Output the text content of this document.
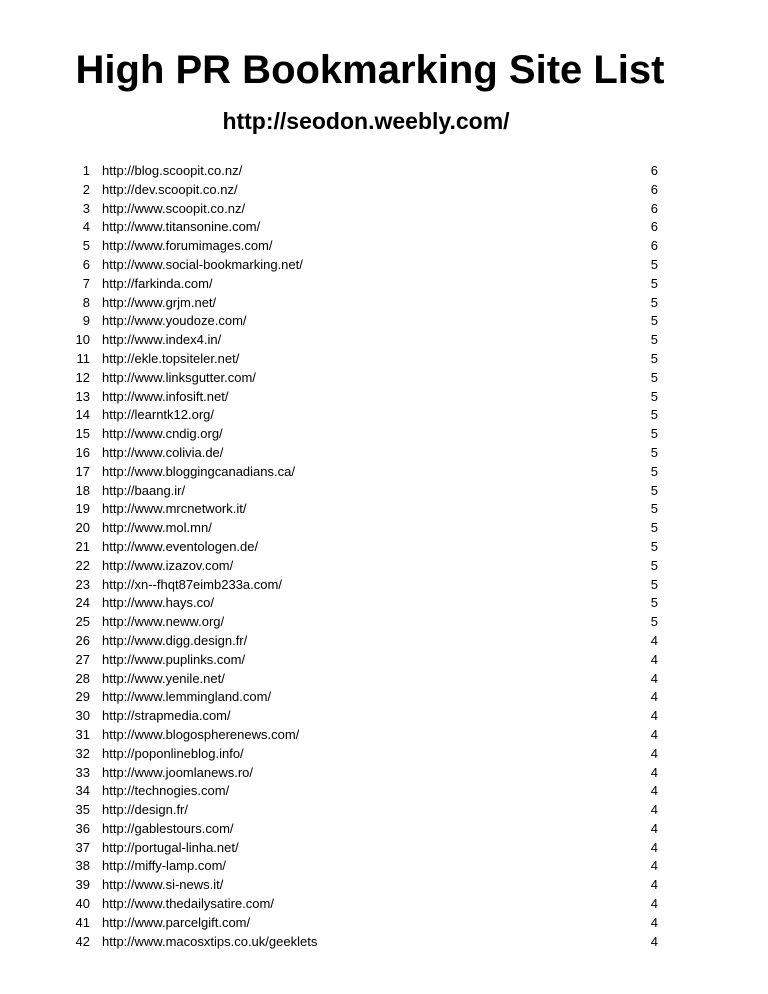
High PR Bookmarking Site List
http://seodon.weebly.com/
1 http://blog.scoopit.co.nz/	6
2 http://dev.scoopit.co.nz/	6
3 http://www.scoopit.co.nz/	6
4 http://www.titansonine.com/	6
5 http://www.forumimages.com/	6
6 http://www.social-bookmarking.net/	5
7 http://farkinda.com/	5
8 http://www.grjm.net/	5
9 http://www.youdoze.com/	5
10 http://www.index4.in/	5
11 http://ekle.topsiteler.net/	5
12 http://www.linksgutter.com/	5
13 http://www.infosift.net/	5
14 http://learntk12.org/	5
15 http://www.cndig.org/	5
16 http://www.colivia.de/	5
17 http://www.bloggingcanadians.ca/	5
18 http://baang.ir/	5
19 http://www.mrcnetwork.it/	5
20 http://www.mol.mn/	5
21 http://www.eventologen.de/	5
22 http://www.izazov.com/	5
23 http://xn--fhqt87eimb233a.com/	5
24 http://www.hays.co/	5
25 http://www.neww.org/	5
26 http://www.digg.design.fr/	4
27 http://www.puplinks.com/	4
28 http://www.yenile.net/	4
29 http://www.lemmingland.com/	4
30 http://strapmedia.com/	4
31 http://www.blogospherenews.com/	4
32 http://poponlineblog.info/	4
33 http://www.joomlanews.ro/	4
34 http://technogies.com/	4
35 http://design.fr/	4
36 http://gablestours.com/	4
37 http://portugal-linha.net/	4
38 http://miffy-lamp.com/	4
39 http://www.si-news.it/	4
40 http://www.thedailysatire.com/	4
41 http://www.parcelgift.com/	4
42 http://www.macosxtips.co.uk/geeklets	4
